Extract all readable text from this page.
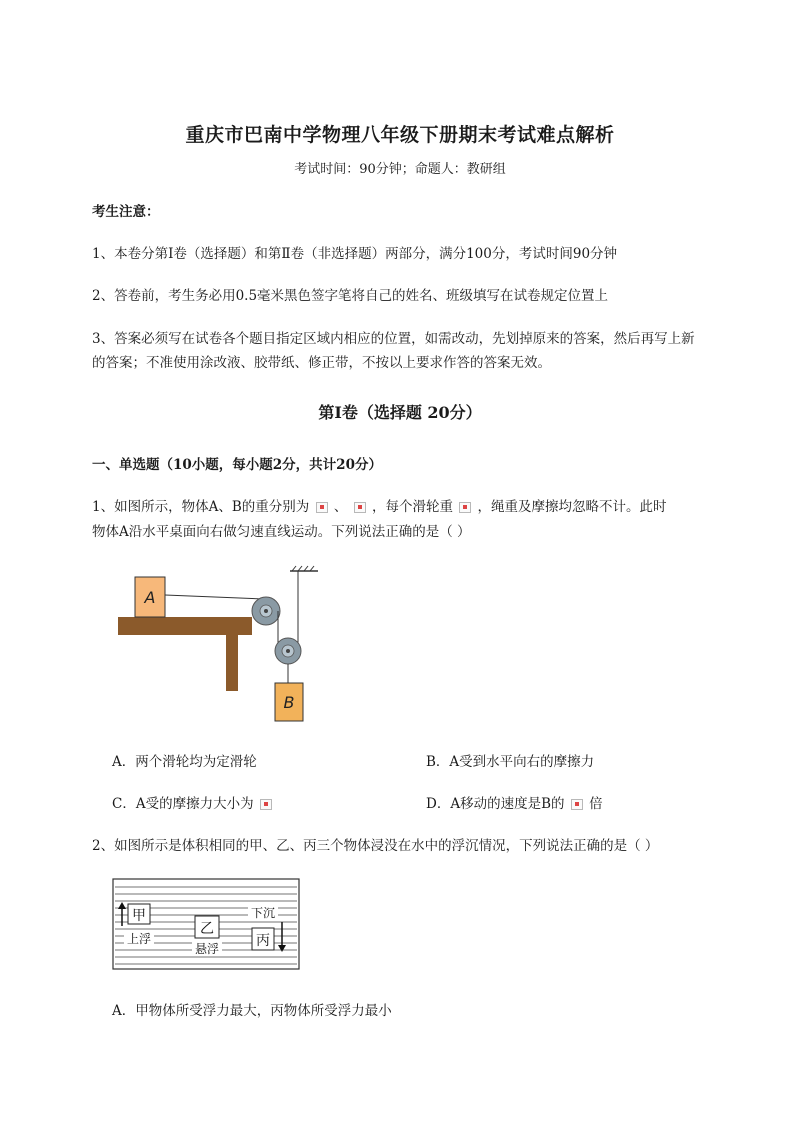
重庆市巴南中学物理八年级下册期末考试难点解析
考试时间：90分钟；命题人：教研组
考生注意：
1、本卷分第I卷（选择题）和第Ⅱ卷（非选择题）两部分，满分100分，考试时间90分钟
2、答卷前，考生务必用0.5毫米黑色签字笔将自己的姓名、班级填写在试卷规定位置上
3、答案必须写在试卷各个题目指定区域内相应的位置，如需改动，先划掉原来的答案，然后再写上新
的答案；不准使用涂改液、胶带纸、修正带，不按以上要求作答的答案无效。
第I卷（选择题 20分）
一、单选题（10小题，每小题2分，共计20分）
1、如图所示，物体A、B的重分别为 、 ，每个滑轮重 ，绳重及摩擦均忽略不计。此时
物体A沿水平桌面向右做匀速直线运动。下列说法正确的是（ ）
A
B
A．两个滑轮均为定滑轮	B．A受到水平向右的摩擦力
C．A受的摩擦力大小为	D．A移动的速度是B的 倍
2、如图所示是体积相同的甲、乙、丙三个物体浸没在水中的浮沉情况，下列说法正确的是（ ）
甲
上浮
乙
悬浮
下沉
丙
A．甲物体所受浮力最大，丙物体所受浮力最小
